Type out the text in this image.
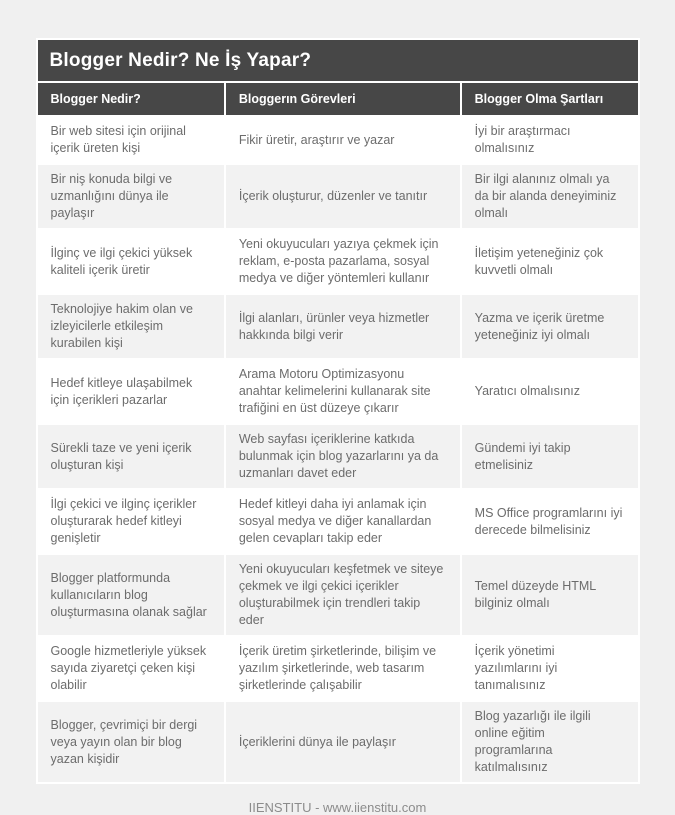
Blogger Nedir? Ne İş Yapar?
Blogger Nedir?	Bloggerın Görevleri	Blogger Olma Şartları
Bir web sitesi için orijinal içerik üreten kişi	Fikir üretir, araştırır ve yazar	İyi bir araştırmacı olmalısınız
Bir niş konuda bilgi ve uzmanlığını dünya ile paylaşır	İçerik oluşturur, düzenler ve tanıtır	Bir ilgi alanınız olmalı ya da bir alanda deneyiminiz olmalı
İlginç ve ilgi çekici yüksek kaliteli içerik üretir	Yeni okuyucuları yazıya çekmek için reklam, e-posta pazarlama, sosyal medya ve diğer yöntemleri kullanır	İletişim yeteneğiniz çok kuvvetli olmalı
Teknolojiye hakim olan ve izleyicilerle etkileşim kurabilen kişi	İlgi alanları, ürünler veya hizmetler hakkında bilgi verir	Yazma ve içerik üretme yeteneğiniz iyi olmalı
Hedef kitleye ulaşabilmek için içerikleri pazarlar	Arama Motoru Optimizasyonu anahtar kelimelerini kullanarak site trafiğini en üst düzeye çıkarır	Yaratıcı olmalısınız
Sürekli taze ve yeni içerik oluşturan kişi	Web sayfası içeriklerine katkıda bulunmak için blog yazarlarını ya da uzmanları davet eder	Gündemi iyi takip etmelisiniz
İlgi çekici ve ilginç içerikler oluşturarak hedef kitleyi genişletir	Hedef kitleyi daha iyi anlamak için sosyal medya ve diğer kanallardan gelen cevapları takip eder	MS Office programlarını iyi derecede bilmelisiniz
Blogger platformunda kullanıcıların blog oluşturmasına olanak sağlar	Yeni okuyucuları keşfetmek ve siteye çekmek ve ilgi çekici içerikler oluşturabilmek için trendleri takip eder	Temel düzeyde HTML bilginiz olmalı
Google hizmetleriyle yüksek sayıda ziyaretçi çeken kişi olabilir	İçerik üretim şirketlerinde, bilişim ve yazılım şirketlerinde, web tasarım şirketlerinde çalışabilir	İçerik yönetimi yazılımlarını iyi tanımalısınız
Blogger, çevrimiçi bir dergi veya yayın olan bir blog yazan kişidir	İçeriklerini dünya ile paylaşır	Blog yazarlığı ile ilgili online eğitim programlarına katılmalısınız
IIENSTITU - www.iienstitu.com
